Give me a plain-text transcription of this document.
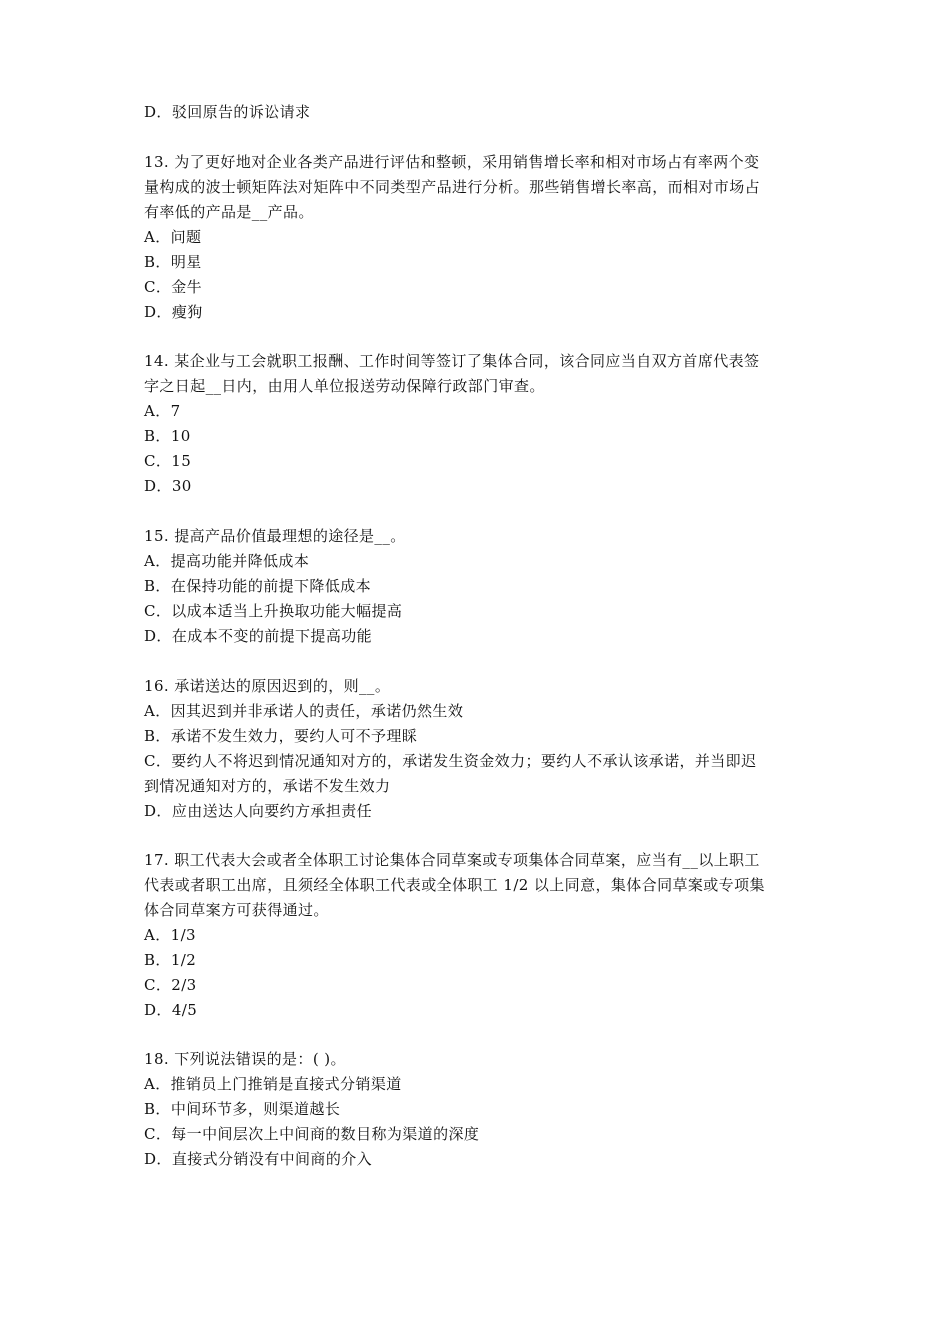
D．驳回原告的诉讼请求
13. 为了更好地对企业各类产品进行评估和整顿，采用销售增长率和相对市场占有率两个变
量构成的波士顿矩阵法对矩阵中不同类型产品进行分析。那些销售增长率高，而相对市场占
有率低的产品是__产品。
A．问题
B．明星
C．金牛
D．瘦狗
14. 某企业与工会就职工报酬、工作时间等签订了集体合同，该合同应当自双方首席代表签
字之日起__日内，由用人单位报送劳动保障行政部门审查。
A．7
B．10
C．15
D．30
15. 提高产品价值最理想的途径是__。
A．提高功能并降低成本
B．在保持功能的前提下降低成本
C．以成本适当上升换取功能大幅提高
D．在成本不变的前提下提高功能
16. 承诺送达的原因迟到的，则__。
A．因其迟到并非承诺人的责任，承诺仍然生效
B．承诺不发生效力，要约人可不予理睬
C．要约人不将迟到情况通知对方的，承诺发生资金效力；要约人不承认该承诺，并当即迟
到情况通知对方的，承诺不发生效力
D．应由送达人向要约方承担责任
17. 职工代表大会或者全体职工讨论集体合同草案或专项集体合同草案，应当有__以上职工
代表或者职工出席，且须经全体职工代表或全体职工 1/2 以上同意，集体合同草案或专项集
体合同草案方可获得通过。
A．1/3
B．1/2
C．2/3
D．4/5
18. 下列说法错误的是：( )。
A．推销员上门推销是直接式分销渠道
B．中间环节多，则渠道越长
C．每一中间层次上中间商的数目称为渠道的深度
D．直接式分销没有中间商的介入
